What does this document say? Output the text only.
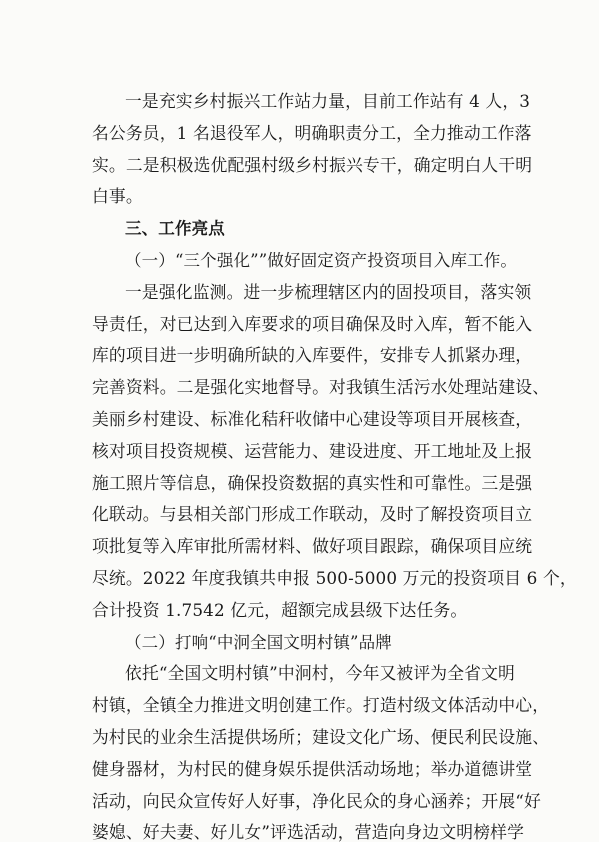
一是充实乡村振兴工作站力量，目前工作站有 4 人，3
名公务员，1 名退役军人，明确职责分工，全力推动工作落
实。二是积极选优配强村级乡村振兴专干，确定明白人干明
白事。
三、工作亮点
（一）“三个强化””做好固定资产投资项目入库工作。
一是强化监测。进一步梳理辖区内的固投项目，落实领
导责任，对已达到入库要求的项目确保及时入库，暂不能入
库的项目进一步明确所缺的入库要件，安排专人抓紧办理，
完善资料。二是强化实地督导。对我镇生活污水处理站建设、
美丽乡村建设、标准化秸秆收储中心建设等项目开展核查，
核对项目投资规模、运营能力、建设进度、开工地址及上报
施工照片等信息，确保投资数据的真实性和可靠性。三是强
化联动。与县相关部门形成工作联动，及时了解投资项目立
项批复等入库审批所需材料、做好项目跟踪，确保项目应统
尽统。2022 年度我镇共申报 500-5000 万元的投资项目 6 个，
合计投资 1.7542 亿元，超额完成县级下达任务。
（二）打响“中泂全国文明村镇”品牌
依托“全国文明村镇”中泂村，今年又被评为全省文明
村镇，全镇全力推进文明创建工作。打造村级文体活动中心，
为村民的业余生活提供场所；建设文化广场、便民利民设施、
健身器材，为村民的健身娱乐提供活动场地；举办道德讲堂
活动，向民众宣传好人好事，净化民众的身心涵养；开展“好
婆媳、好夫妻、好儿女”评选活动，营造向身边文明榜样学
